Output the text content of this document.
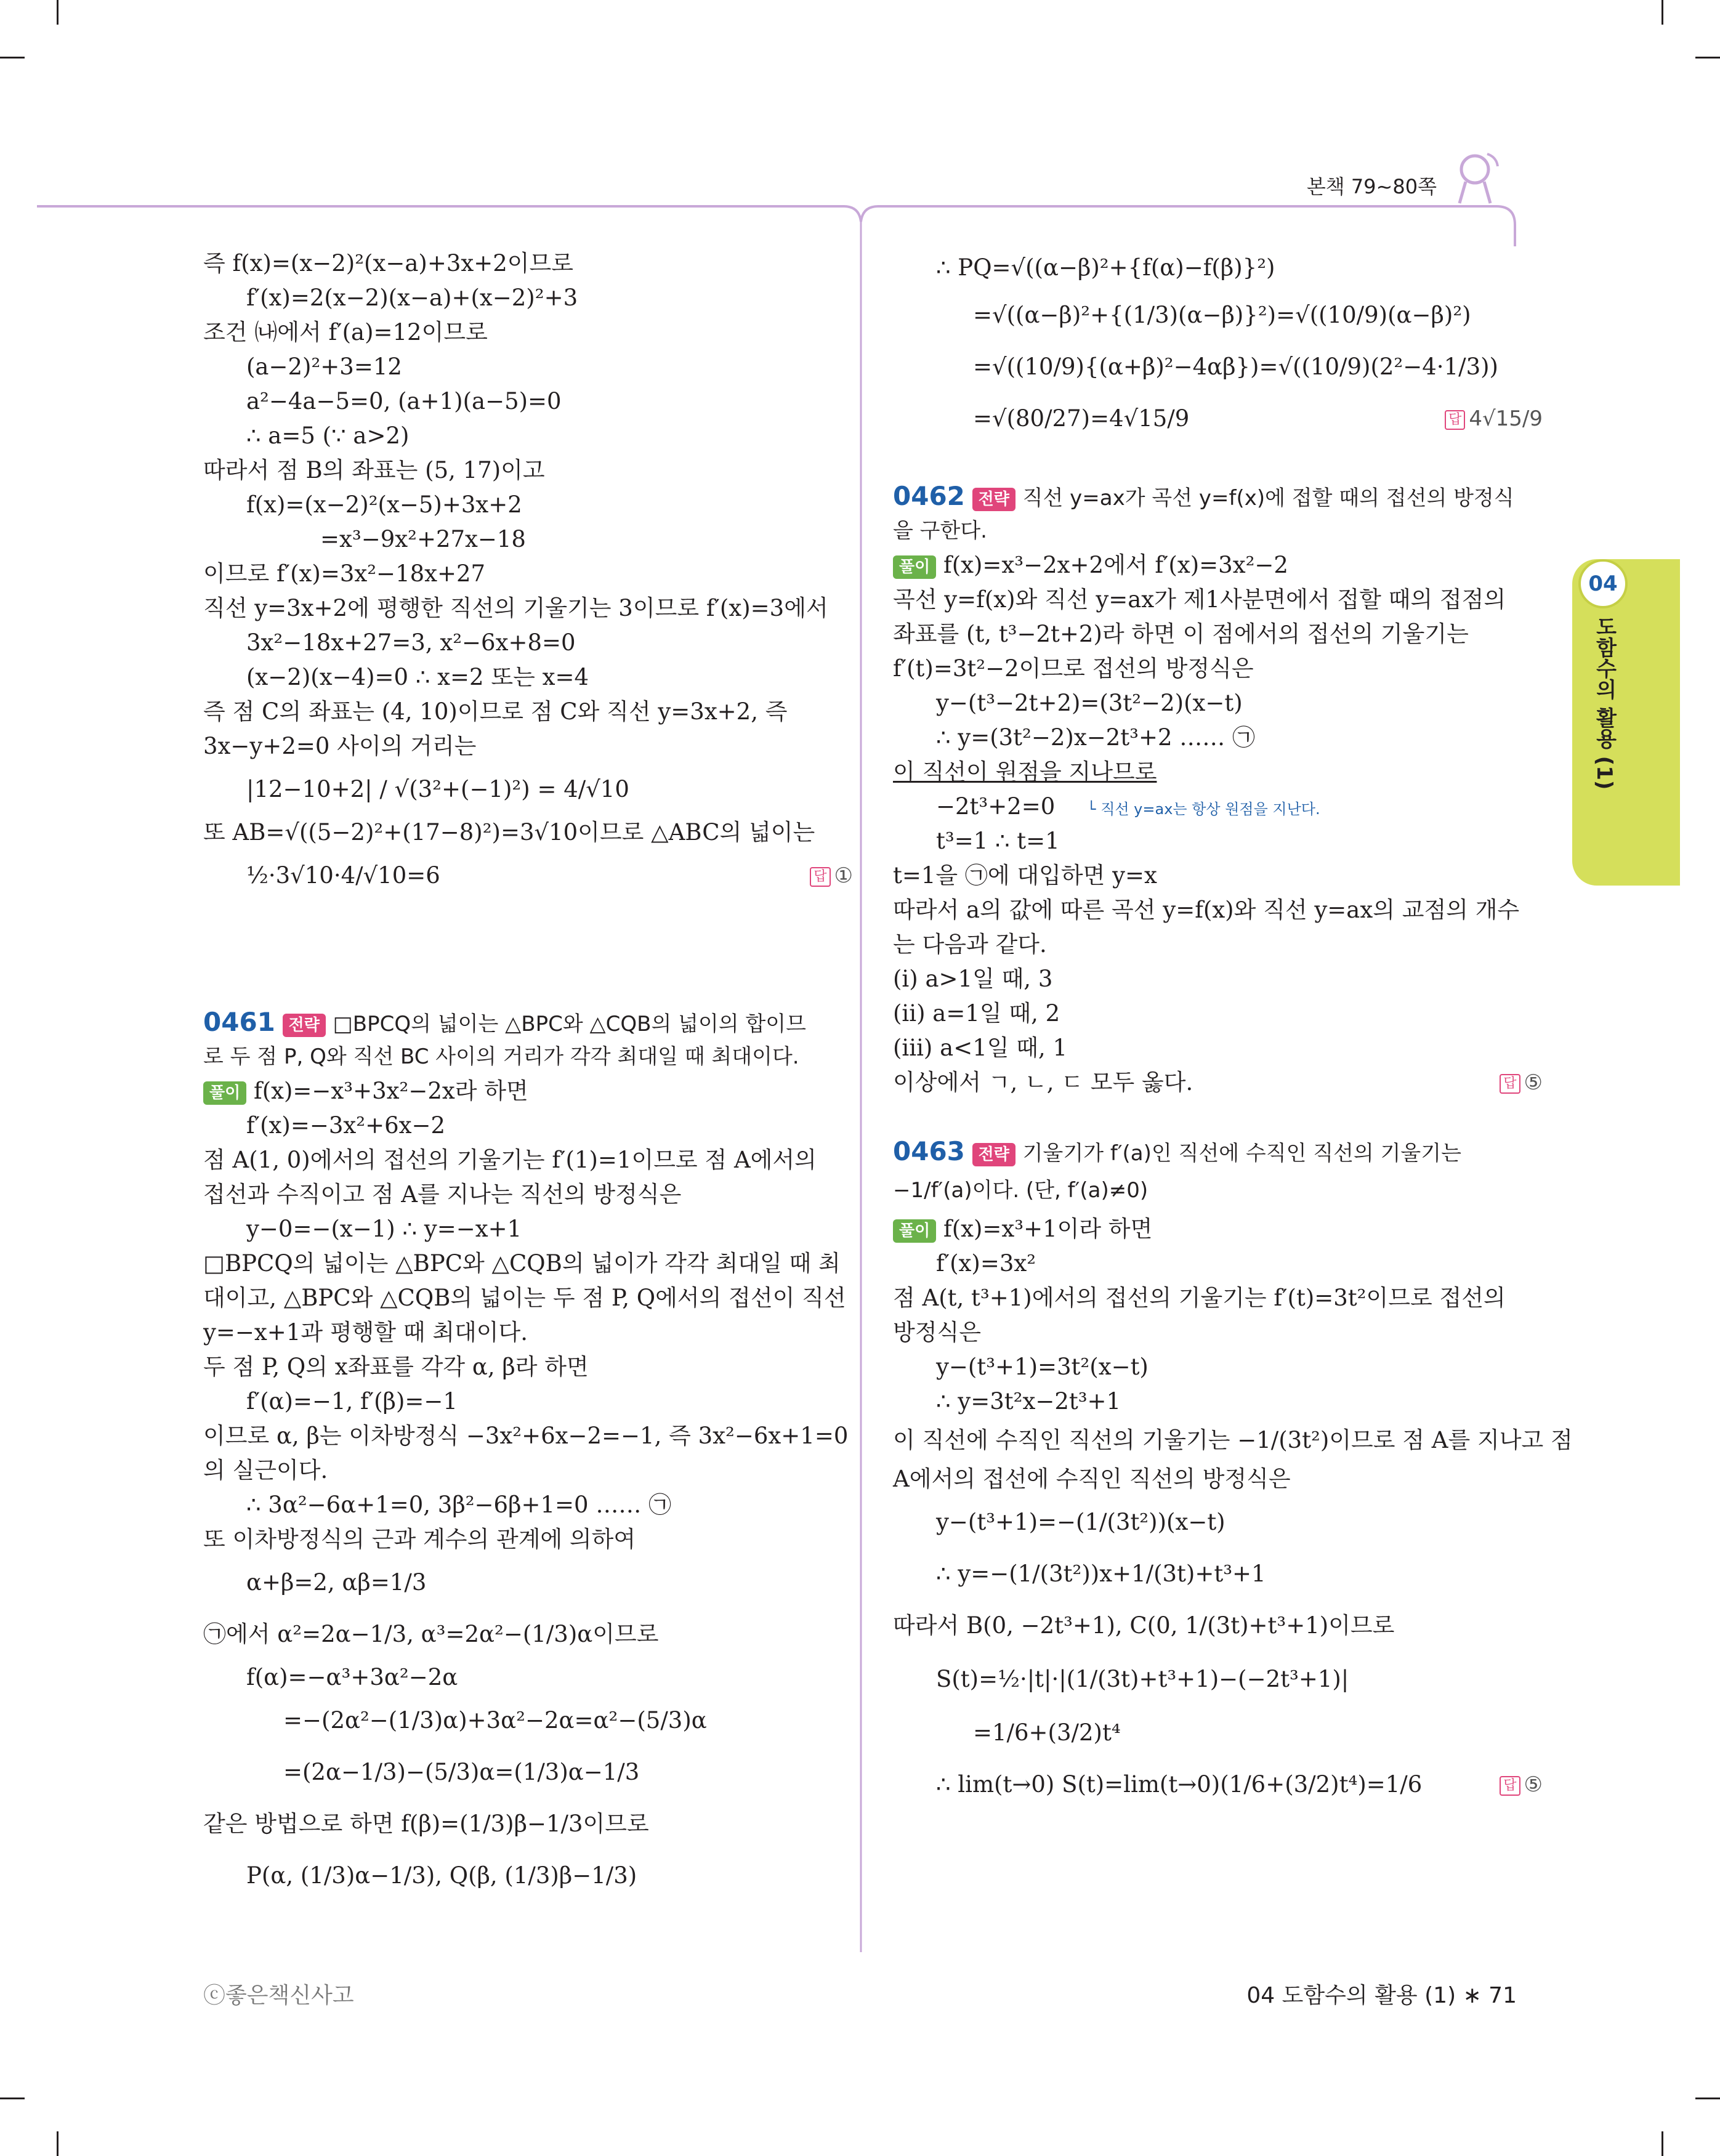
본책 79~80쪽
04
도함수의 활용 (1)
즉 f(x)=(x−2)²(x−a)+3x+2이므로
f′(x)=2(x−2)(x−a)+(x−2)²+3
조건 ㈏에서 f′(a)=12이므로
(a−2)²+3=12
a²−4a−5=0, (a+1)(a−5)=0
∴ a=5 (∵ a>2)
따라서 점 B의 좌표는 (5, 17)이고
f(x)=(x−2)²(x−5)+3x+2
=x³−9x²+27x−18
이므로 f′(x)=3x²−18x+27
직선 y=3x+2에 평행한 직선의 기울기는 3이므로 f′(x)=3에서
3x²−18x+27=3, x²−6x+8=0
(x−2)(x−4)=0 ∴ x=2 또는 x=4
즉 점 C의 좌표는 (4, 10)이므로 점 C와 직선 y=3x+2, 즉
3x−y+2=0 사이의 거리는
|12−10+2| / √(3²+(−1)²) = 4/√10
또 AB=√((5−2)²+(17−8)²)=3√10이므로 △ABC의 넓이는
½·3√10·4/√10=6	답 ①
0461 전략 □BPCQ의 넓이는 △BPC와 △CQB의 넓이의 합이므
로 두 점 P, Q와 직선 BC 사이의 거리가 각각 최대일 때 최대이다.
풀이 f(x)=−x³+3x²−2x라 하면
f′(x)=−3x²+6x−2
점 A(1, 0)에서의 접선의 기울기는 f′(1)=1이므로 점 A에서의
접선과 수직이고 점 A를 지나는 직선의 방정식은
y−0=−(x−1) ∴ y=−x+1
□BPCQ의 넓이는 △BPC와 △CQB의 넓이가 각각 최대일 때 최
대이고, △BPC와 △CQB의 넓이는 두 점 P, Q에서의 접선이 직선
y=−x+1과 평행할 때 최대이다.
두 점 P, Q의 x좌표를 각각 α, β라 하면
f′(α)=−1, f′(β)=−1
이므로 α, β는 이차방정식 −3x²+6x−2=−1, 즉 3x²−6x+1=0
의 실근이다.
∴ 3α²−6α+1=0, 3β²−6β+1=0 …… ㉠
또 이차방정식의 근과 계수의 관계에 의하여
α+β=2, αβ=1/3
㉠에서 α²=2α−1/3, α³=2α²−(1/3)α이므로
f(α)=−α³+3α²−2α
=−(2α²−(1/3)α)+3α²−2α=α²−(5/3)α
=(2α−1/3)−(5/3)α=(1/3)α−1/3
같은 방법으로 하면 f(β)=(1/3)β−1/3이므로
P(α, (1/3)α−1/3), Q(β, (1/3)β−1/3)
∴ PQ=√((α−β)²+{f(α)−f(β)}²)
=√((α−β)²+{(1/3)(α−β)}²)=√((10/9)(α−β)²)
=√((10/9){(α+β)²−4αβ})=√((10/9)(2²−4·1/3))
=√(80/27)=4√15/9	답 4√15/9
0462 전략 직선 y=ax가 곡선 y=f(x)에 접할 때의 접선의 방정식
을 구한다.
풀이 f(x)=x³−2x+2에서 f′(x)=3x²−2
곡선 y=f(x)와 직선 y=ax가 제1사분면에서 접할 때의 접점의
좌표를 (t, t³−2t+2)라 하면 이 점에서의 접선의 기울기는
f′(t)=3t²−2이므로 접선의 방정식은
y−(t³−2t+2)=(3t²−2)(x−t)
∴ y=(3t²−2)x−2t³+2 …… ㉠
이 직선이 원점을 지나므로
−2t³+2=0 └ 직선 y=ax는 항상 원점을 지난다.
t³=1 ∴ t=1
t=1을 ㉠에 대입하면 y=x
따라서 a의 값에 따른 곡선 y=f(x)와 직선 y=ax의 교점의 개수
는 다음과 같다.
(i) a>1일 때, 3
(ii) a=1일 때, 2
(iii) a<1일 때, 1
이상에서 ㄱ, ㄴ, ㄷ 모두 옳다.	답 ⑤
0463 전략 기울기가 f′(a)인 직선에 수직인 직선의 기울기는
−1/f′(a)이다. (단, f′(a)≠0)
풀이 f(x)=x³+1이라 하면
f′(x)=3x²
점 A(t, t³+1)에서의 접선의 기울기는 f′(t)=3t²이므로 접선의
방정식은
y−(t³+1)=3t²(x−t)
∴ y=3t²x−2t³+1
이 직선에 수직인 직선의 기울기는 −1/(3t²)이므로 점 A를 지나고 점
A에서의 접선에 수직인 직선의 방정식은
y−(t³+1)=−(1/(3t²))(x−t)
∴ y=−(1/(3t²))x+1/(3t)+t³+1
따라서 B(0, −2t³+1), C(0, 1/(3t)+t³+1)이므로
S(t)=½·|t|·|(1/(3t)+t³+1)−(−2t³+1)|
=1/6+(3/2)t⁴
∴ lim(t→0) S(t)=lim(t→0)(1/6+(3/2)t⁴)=1/6	답 ⑤
ⓒ좋은책신사고	04 도함수의 활용 (1) ∗ 71
